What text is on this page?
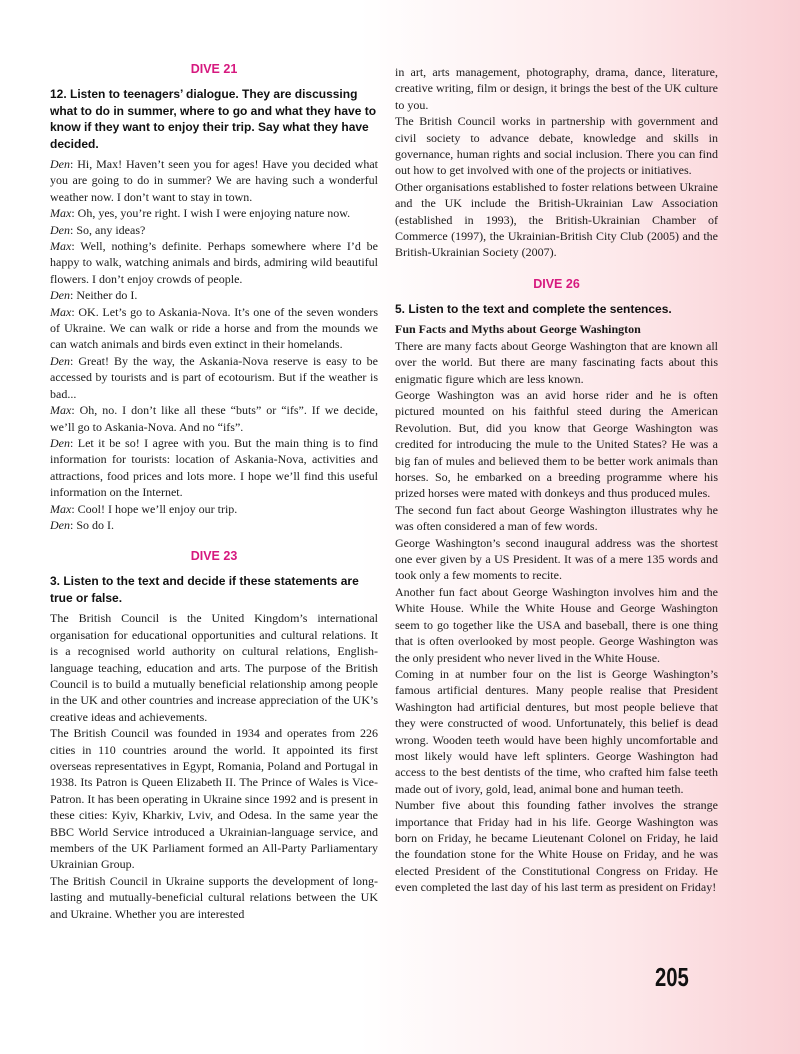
DIVE 21
12. Listen to teenagers’ dialogue. They are discussing what to do in summer, where to go and what they have to know if they want to enjoy their trip. Say what they have decided.

Den: Hi, Max! Haven’t seen you for ages! Have you decided what you are going to do in summer? We are having such a wonderful weather now. I don’t want to stay in town.

Max: Oh, yes, you’re right. I wish I were enjoying nature now.

Den: So, any ideas?

Max: Well, nothing’s definite. Perhaps somewhere where I’d be happy to walk, watching animals and birds, admiring wild beautiful flowers. I don’t enjoy crowds of people.

Den: Neither do I.

Max: OK. Let’s go to Askania-Nova. It’s one of the seven wonders of Ukraine. We can walk or ride a horse and from the mounds we can watch animals and birds even extinct in their homelands.

Den: Great! By the way, the Askania-Nova reserve is easy to be accessed by tourists and is part of ecotourism. But if the weather is bad...

Max: Oh, no. I don’t like all these “buts” or “ifs”. If we decide, we’ll go to Askania-Nova. And no “ifs”.

Den: Let it be so! I agree with you. But the main thing is to find information for tourists: location of Askania-Nova, activities and attractions, food prices and lots more. I hope we’ll find this useful information on the Internet.

Max: Cool! I hope we’ll enjoy our trip.

Den: So do I.

DIVE 23
3. Listen to the text and decide if these statements are true or false.

The British Council is the United Kingdom’s international organisation for educational opportunities and cultural relations. It is a recognised world authority on cultural relations, English-language teaching, education and arts. The purpose of the British Council is to build a mutually beneficial relationship among people in the UK and other countries and increase appreciation of the UK’s creative ideas and achievements.

The British Council was founded in 1934 and operates from 226 cities in 110 countries around the world. It appointed its first overseas representatives in Egypt, Romania, Poland and Portugal in 1938. Its Patron is Queen Elizabeth II. The Prince of Wales is Vice-Patron. It has been operating in Ukraine since 1992 and is present in these cities: Kyiv, Kharkiv, Lviv, and Odesa. In the same year the BBC World Service introduced a Ukrainian-language service, and members of the UK Parliament formed an All-Party Parliamentary Ukrainian Group.

The British Council in Ukraine supports the development of long-lasting and mutually-beneficial cultural relations between the UK and Ukraine. Whether you are interested

in art, arts management, photography, drama, dance, literature, creative writing, film or design, it brings the best of the UK culture to you.

The British Council works in partnership with government and civil society to advance debate, knowledge and skills in governance, human rights and social inclusion. There you can find out how to get involved with one of the projects or initiatives.

Other organisations established to foster relations between Ukraine and the UK include the British-Ukrainian Law Association (established in 1993), the British-Ukrainian Chamber of Commerce (1997), the Ukrainian-British City Club (2005) and the British-Ukrainian Society (2007).

DIVE 26
5. Listen to the text and complete the sentences.

Fun Facts and Myths about George Washington

There are many facts about George Washington that are known all over the world. But there are many fascinating facts about this enigmatic figure which are less known.

George Washington was an avid horse rider and he is often pictured mounted on his faithful steed during the American Revolution. But, did you know that George Washington was credited for introducing the mule to the United States? He was a big fan of mules and believed them to be better work animals than horses. So, he embarked on a breeding programme where his prized horses were mated with donkeys and thus produced mules.

The second fun fact about George Washington illustrates why he was often considered a man of few words.

George Washington’s second inaugural address was the shortest one ever given by a US President. It was of a mere 135 words and took only a few moments to recite.

Another fun fact about George Washington involves him and the White House. While the White House and George Washington seem to go together like the USA and baseball, there is one thing that is often overlooked by most people. George Washington was the only president who never lived in the White House.

Coming in at number four on the list is George Washington’s famous artificial dentures. Many people realise that President Washington had artificial dentures, but most people believe that they were constructed of wood. Unfortunately, this belief is dead wrong. Wooden teeth would have been highly uncomfortable and most likely would have left splinters. George Washington had access to the best dentists of the time, who crafted him false teeth made out of ivory, gold, lead, animal bone and human teeth.

Number five about this founding father involves the strange importance that Friday had in his life. George Washington was born on Friday, he became Lieutenant Colonel on Friday, he laid the foundation stone for the White House on Friday, and he was elected President of the Constitutional Congress on Friday. He even completed the last day of his last term as president on Friday!

205
